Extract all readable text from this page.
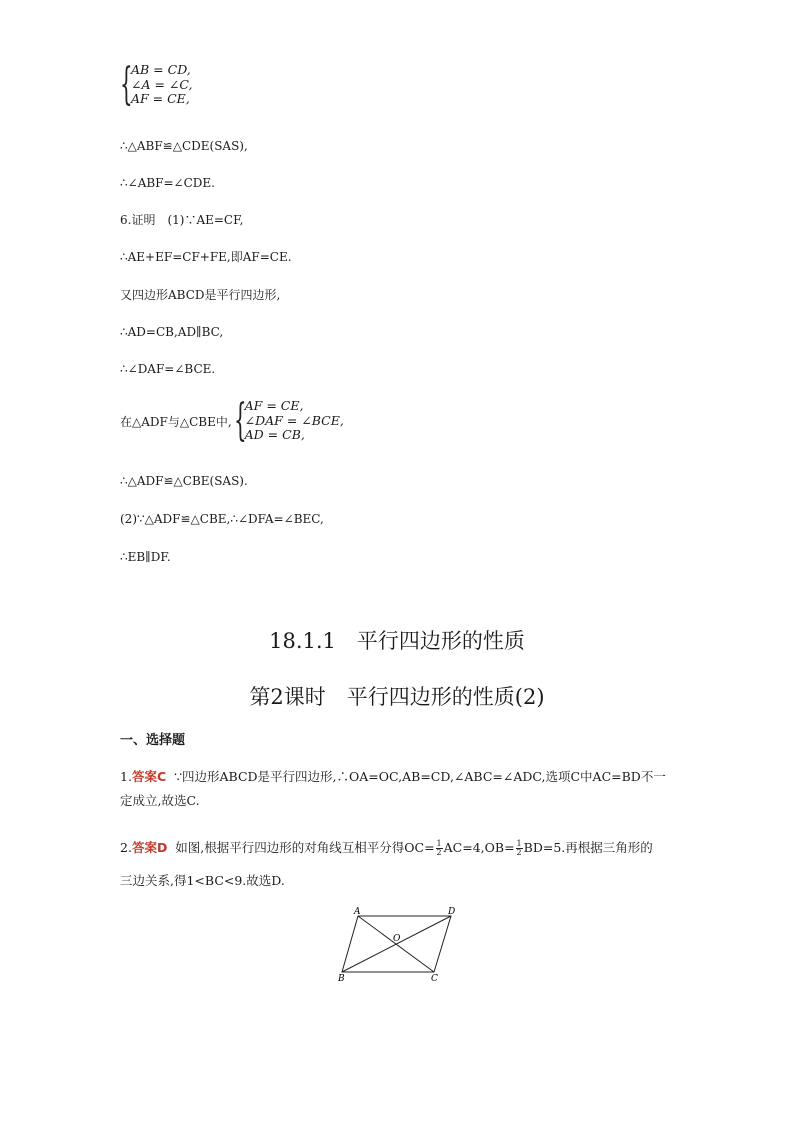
{
AB = CD,
∠A = ∠C,
AF = CE,
∴△ABF≌△CDE(SAS),
∴∠ABF=∠CDE.
6.证明　(1)∵AE=CF,
∴AE+EF=CF+FE,即AF=CE.
又四边形ABCD是平行四边形,
∴AD=CB,AD∥BC,
∴∠DAF=∠BCE.
在△ADF与△CBE中, {
AF = CE,
∠DAF = ∠BCE,
AD = CB,
∴△ADF≌△CBE(SAS).
(2)∵△ADF≌△CBE,∴∠DFA=∠BEC,
∴EB∥DF.
18.1.1　平行四边形的性质
第2课时　平行四边形的性质(2)
一、选择题
1.答案C ∵四边形ABCD是平行四边形,∴OA=OC,AB=CD,∠ABC=∠ADC,选项C中AC=BD不一
定成立,故选C.
2.答案D 如图,根据平行四边形的对角线互相平分得$OC= \frac{1}{2} AC=4,OB= \frac{1}{2} BD=5$.再根据三角形的
三边关系,得1<BC<9.故选D.
A	D
O
B	C
